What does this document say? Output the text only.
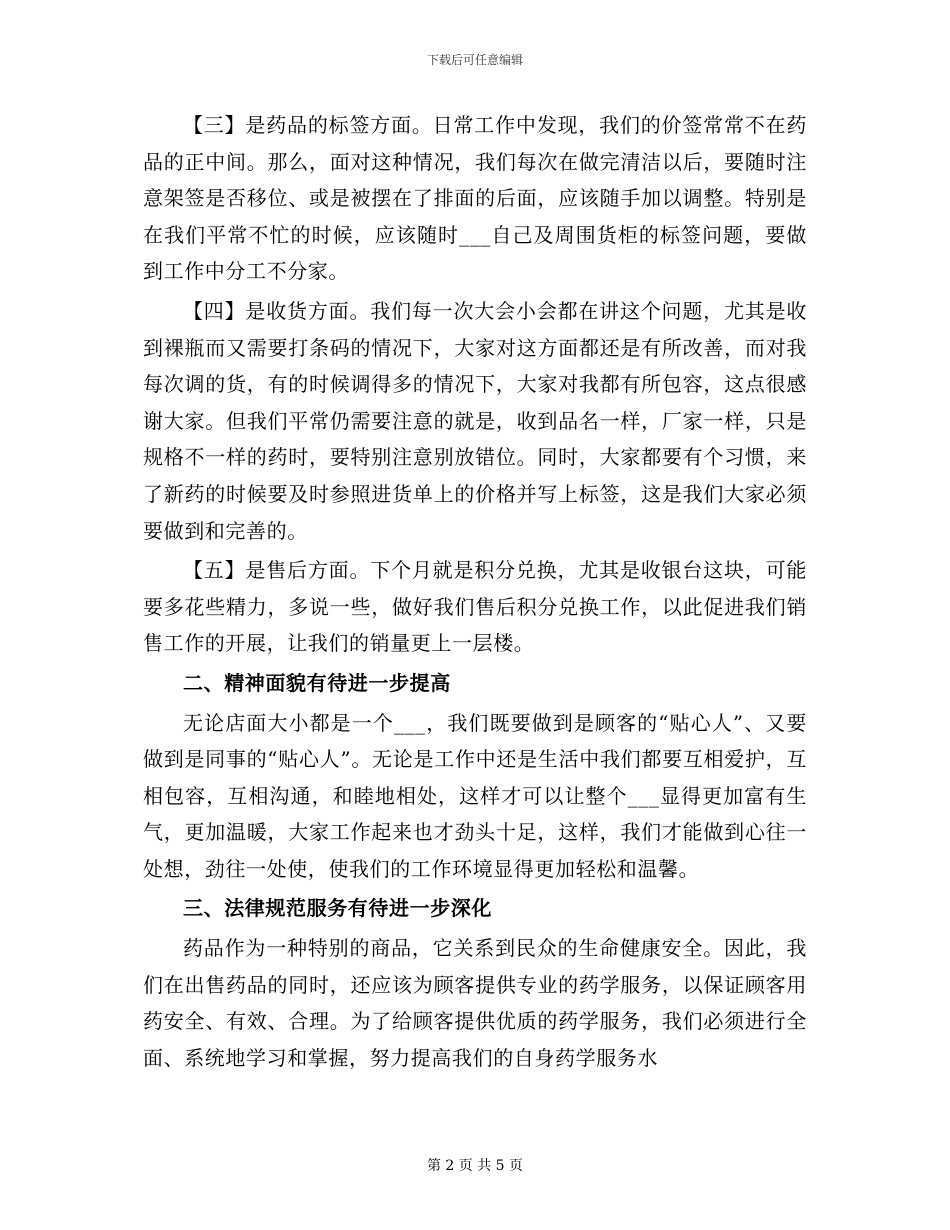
下载后可任意编辑

【三】是药品的标签方面。日常工作中发现，我们的价签常常不在药品的正中间。那么，面对这种情况，我们每次在做完清洁以后，要随时注意架签是否移位、或是被摆在了排面的后面，应该随手加以调整。特别是在我们平常不忙的时候，应该随时___自己及周围货柜的标签问题，要做到工作中分工不分家。

【四】是收货方面。我们每一次大会小会都在讲这个问题，尤其是收到裸瓶而又需要打条码的情况下，大家对这方面都还是有所改善，而对我每次调的货，有的时候调得多的情况下，大家对我都有所包容，这点很感谢大家。但我们平常仍需要注意的就是，收到品名一样，厂家一样，只是规格不一样的药时，要特别注意别放错位。同时，大家都要有个习惯，来了新药的时候要及时参照进货单上的价格并写上标签，这是我们大家必须要做到和完善的。

【五】是售后方面。下个月就是积分兑换，尤其是收银台这块，可能要多花些精力，多说一些，做好我们售后积分兑换工作，以此促进我们销售工作的开展，让我们的销量更上一层楼。

二、精神面貌有待进一步提高

无论店面大小都是一个___，我们既要做到是顾客的“贴心人”、又要做到是同事的“贴心人”。无论是工作中还是生活中我们都要互相爱护，互相包容，互相沟通，和睦地相处，这样才可以让整个___显得更加富有生气，更加温暖，大家工作起来也才劲头十足，这样，我们才能做到心往一处想，劲往一处使，使我们的工作环境显得更加轻松和温馨。

三、法律规范服务有待进一步深化

药品作为一种特别的商品，它关系到民众的生命健康安全。因此，我们在出售药品的同时，还应该为顾客提供专业的药学服务，以保证顾客用药安全、有效、合理。为了给顾客提供优质的药学服务，我们必须进行全面、系统地学习和掌握，努力提高我们的自身药学服务水

第 2 页 共 5 页
